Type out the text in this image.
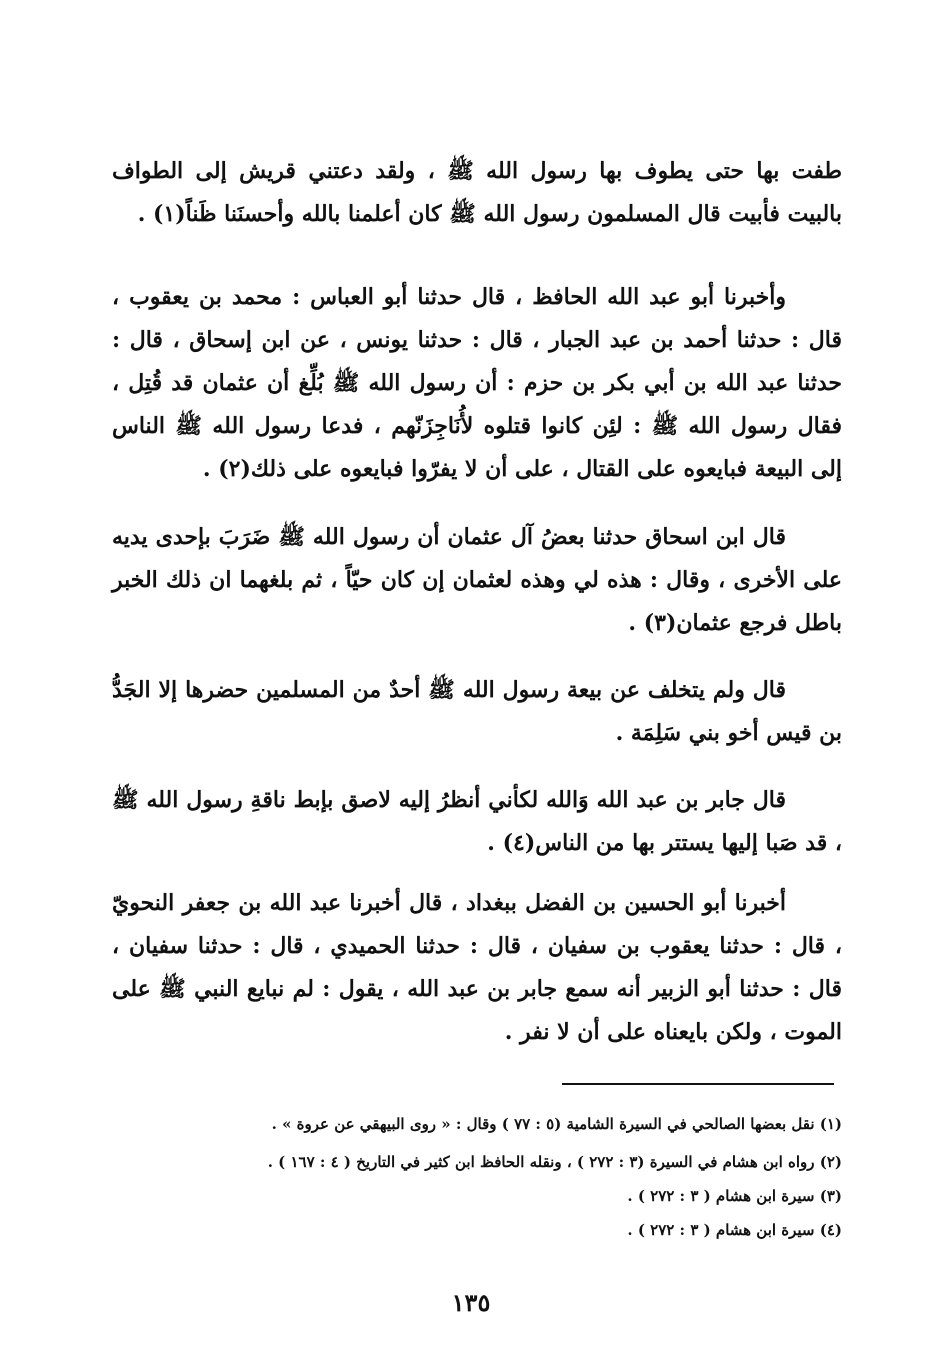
طفت بها حتى يطوف بها رسول الله ﷺ ، ولقد دعتني قريش إلى الطواف بالبيت فأبيت قال المسلمون رسول الله ﷺ كان أعلمنا بالله وأحسنَنا ظَناً(١) .

وأخبرنا أبو عبد الله الحافظ ، قال حدثنا أبو العباس : محمد بن يعقوب ، قال : حدثنا أحمد بن عبد الجبار ، قال : حدثنا يونس ، عن ابن إسحاق ، قال : حدثنا عبد الله بن أبي بكر بن حزم : أن رسول الله ﷺ بُلِّغ أن عثمان قد قُتِل ، فقال رسول الله ﷺ : لئِن كانوا قتلوه لأُنَاجِزَنّهم ، فدعا رسول الله ﷺ الناس إلى البيعة فبايعوه على القتال ، على أن لا يفرّوا فبايعوه على ذلك(٢) .

قال ابن اسحاق حدثنا بعضُ آل عثمان أن رسول الله ﷺ ضَرَبَ بإحدى يديه على الأخرى ، وقال : هذه لي وهذه لعثمان إن كان حيّاً ، ثم بلغهما ان ذلك الخبر باطل فرجع عثمان(٣) .

قال ولم يتخلف عن بيعة رسول الله ﷺ أحدٌ من المسلمين حضرها إلا الجَدُّ بن قيس أخو بني سَلِمَة .

قال جابر بن عبد الله وَالله لكأني أنظرُ إليه لاصق بإبط ناقةِ رسول الله ﷺ ، قد صَبا إليها يستتر بها من الناس(٤) .

أخبرنا أبو الحسين بن الفضل ببغداد ، قال أخبرنا عبد الله بن جعفر النحويّ ، قال : حدثنا يعقوب بن سفيان ، قال : حدثنا الحميدي ، قال : حدثنا سفيان ، قال : حدثنا أبو الزبير أنه سمع جابر بن عبد الله ، يقول : لم نبايع النبي ﷺ على الموت ، ولكن بايعناه على أن لا نفر .

(١) نقل بعضها الصالحي في السيرة الشامية (٥ : ٧٧ ) وقال : « روى البيهقي عن عروة » .
(٢) رواه ابن هشام في السيرة (٣ : ٢٧٢ ) ، ونقله الحافظ ابن كثير في التاريخ ( ٤ : ١٦٧ ) .
(٣) سيرة ابن هشام ( ٣ : ٢٧٢ ) .
(٤) سيرة ابن هشام ( ٣ : ٢٧٢ ) .
١٣٥
